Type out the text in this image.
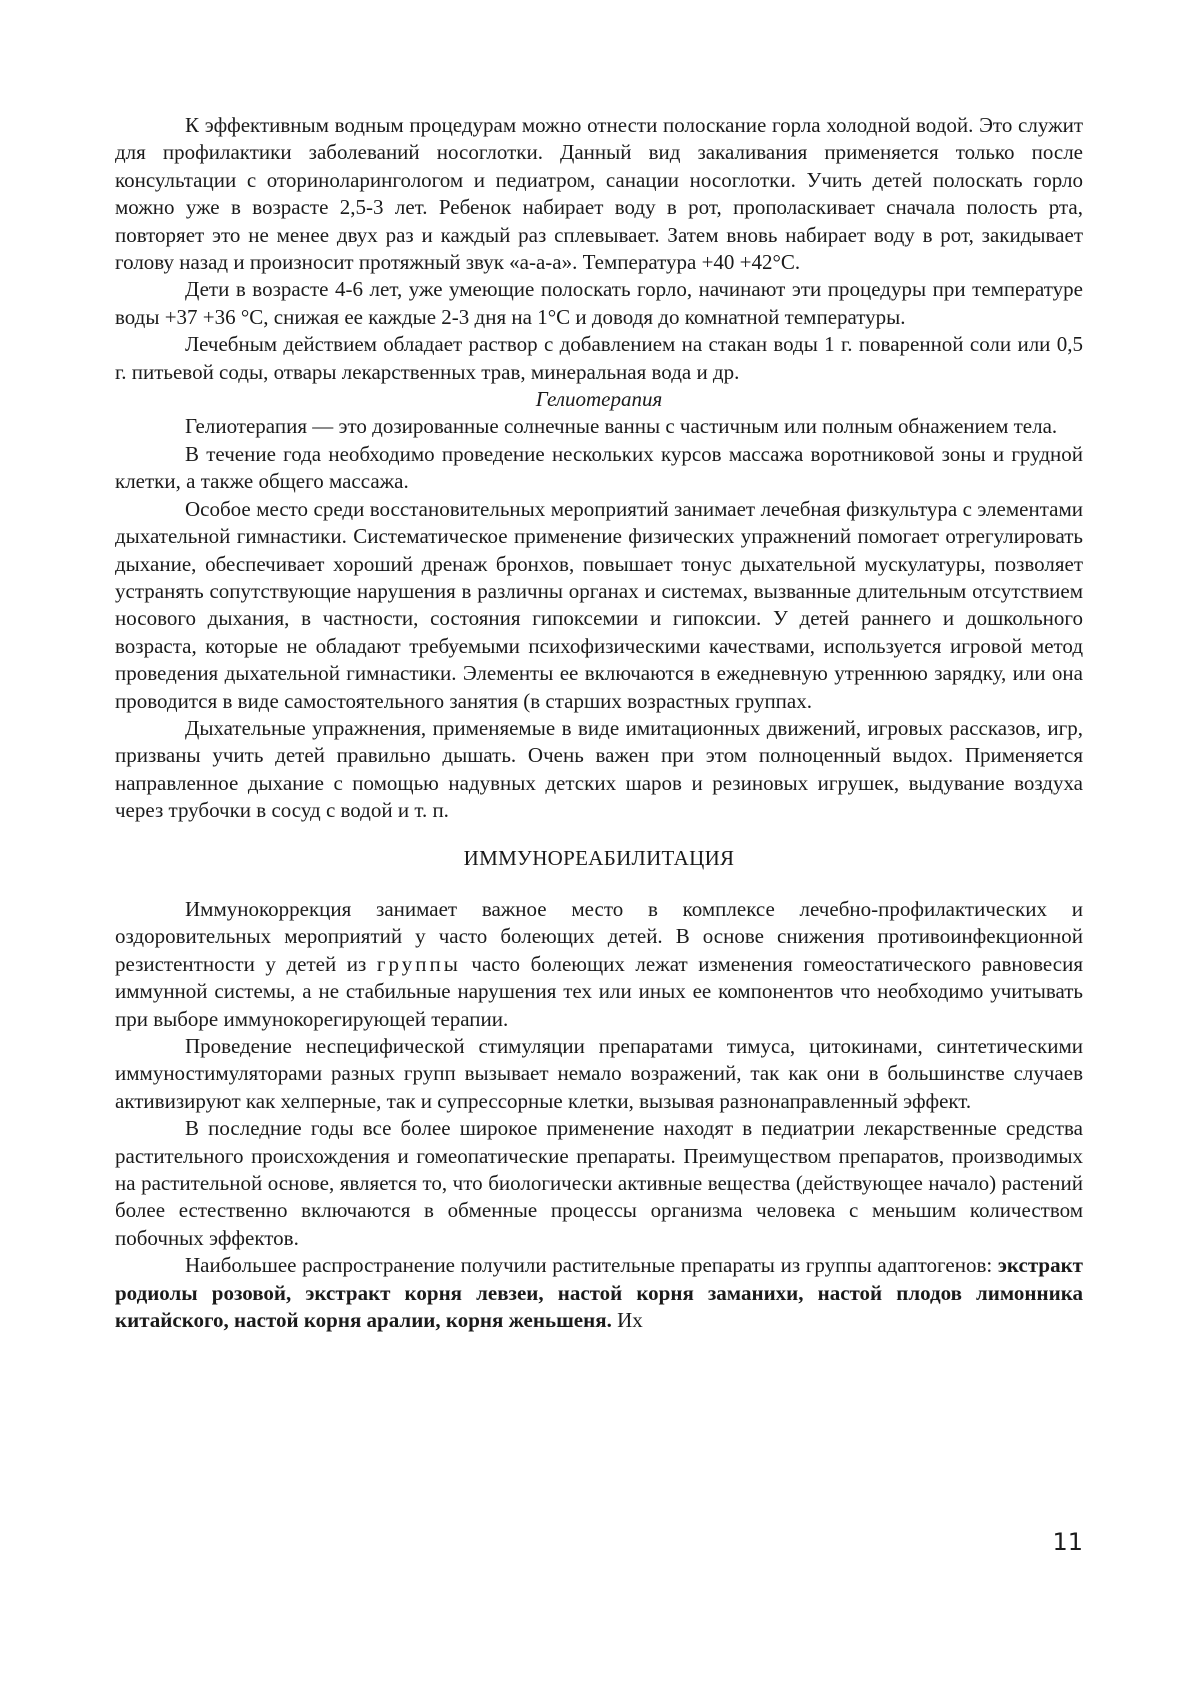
К эффективным водным процедурам можно отнести полоскание горла холодной водой. Это служит для профилактики заболеваний носоглотки. Данный вид закаливания применяется только после консультации с оториноларингологом и педиатром, санации носоглотки. Учить детей полоскать горло можно уже в возрасте 2,5-3 лет. Ребенок набирает воду в рот, прополаскивает сначала полость рта, повторяет это не менее двух раз и каждый раз сплевывает. Затем вновь набирает воду в рот, закидывает голову назад и произносит протяжный звук «а-а-а». Температура +40 +42°С.

Дети в возрасте 4-6 лет, уже умеющие полоскать горло, начинают эти процедуры при температуре воды +37 +36 °С, снижая ее каждые 2-3 дня на 1°С и доводя до комнатной температуры.

Лечебным действием обладает раствор с добавлением на стакан воды 1 г. поваренной соли или 0,5 г. питьевой соды, отвары лекарственных трав, минеральная вода и др.

Гелиотерапия

Гелиотерапия — это дозированные солнечные ванны с частичным или полным обнажением тела.

В течение года необходимо проведение нескольких курсов массажа воротниковой зоны и грудной клетки, а также общего массажа.

Особое место среди восстановительных мероприятий занимает лечебная физкультура с элементами дыхательной гимнастики. Систематическое применение физических упражнений помогает отрегулировать дыхание, обеспечивает хороший дренаж бронхов, повышает тонус дыхательной мускулатуры, позволяет устранять сопутствующие нарушения в различны органах и системах, вызванные длительным отсутствием носового дыхания, в частности, состояния гипоксемии и гипоксии. У детей раннего и дошкольного возраста, которые не обладают требуемыми психофизическими качествами, используется игровой метод проведения дыхательной гимнастики. Элементы ее включаются в ежедневную утреннюю зарядку, или она проводится в виде самостоятельного занятия (в старших возрастных группах.

Дыхательные упражнения, применяемые в виде имитационных движений, игровых рассказов, игр, призваны учить детей правильно дышать. Очень важен при этом полноценный выдох. Применяется направленное дыхание с помощью надувных детских шаров и резиновых игрушек, выдувание воздуха через трубочки в сосуд с водой и т. п.

ИММУНОРЕАБИЛИТАЦИЯ

Иммунокоррекция занимает важное место в комплексе лечебно-профилактических и оздоровительных мероприятий у часто болеющих детей. В основе снижения противоинфекционной резистентности у детей из группы часто болеющих лежат изменения гомеостатического равновесия иммунной системы, а не стабильные нарушения тех или иных ее компонентов что необходимо учитывать при выборе иммунокорегирующей терапии.

Проведение неспецифической стимуляции препаратами тимуса, цитокинами, синтетическими иммуностимуляторами разных групп вызывает немало возражений, так как они в большинстве случаев активизируют как хелперные, так и супрессорные клетки, вызывая разнонаправленный эффект.

В последние годы все более широкое применение находят в педиатрии лекарственные средства растительного происхождения и гомеопатические препараты. Преимуществом препаратов, производимых на растительной основе, является то, что биологически активные вещества (действующее начало) растений более естественно включаются в обменные процессы организма человека с меньшим количеством побочных эффектов.

Наибольшее распространение получили растительные препараты из группы адаптогенов: экстракт родиолы розовой, экстракт корня левзеи, настой корня заманихи, настой плодов лимонника китайского, настой корня аралии, корня женьшеня. Их

11
